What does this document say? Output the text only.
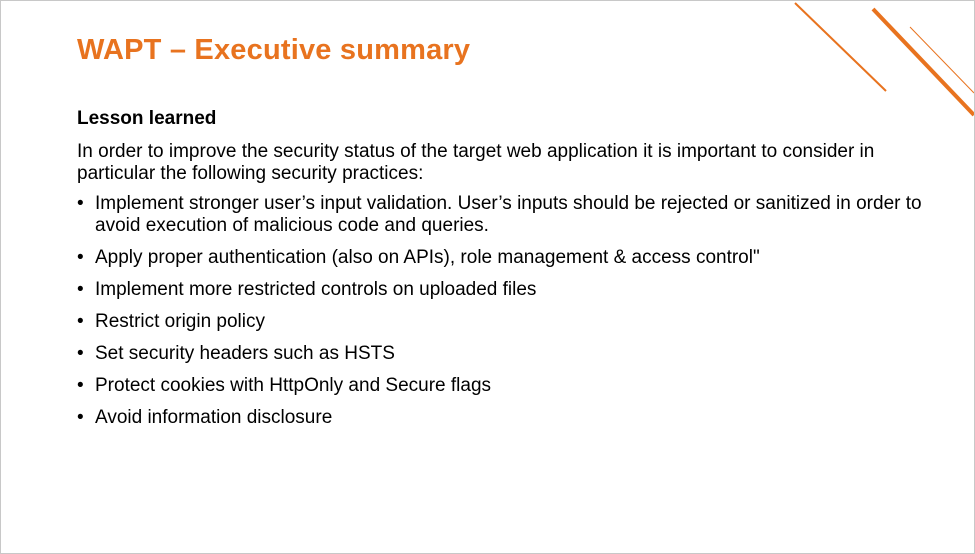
WAPT – Executive summary

Lesson learned

In order to improve the security status of the target web application it is important to consider in particular the following security practices:

• Implement stronger user’s input validation. User’s inputs should be rejected or sanitized in order to avoid execution of malicious code and queries.
• Apply proper authentication (also on APIs), role management & access control"
• Implement more restricted controls on uploaded files
• Restrict origin policy
• Set security headers such as HSTS
• Protect cookies with HttpOnly and Secure flags
• Avoid information disclosure
